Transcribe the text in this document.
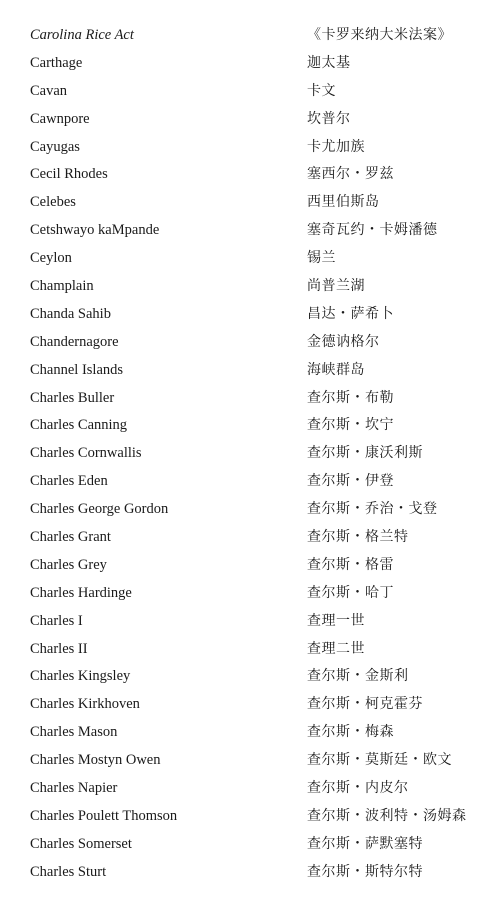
Carolina Rice Act	《卡罗来纳大米法案》
Carthage	迦太基
Cavan	卡文
Cawnpore	坎普尔
Cayugas	卡尤加族
Cecil Rhodes	塞西尔・罗兹
Celebes	西里伯斯岛
Cetshwayo kaMpande	塞奇瓦约・卡姆潘德
Ceylon	锡兰
Champlain	尚普兰湖
Chanda Sahib	昌达・萨希卜
Chandernagore	金德讷格尔
Channel Islands	海峡群岛
Charles Buller	查尔斯・布勒
Charles Canning	查尔斯・坎宁
Charles Cornwallis	查尔斯・康沃利斯
Charles Eden	查尔斯・伊登
Charles George Gordon	查尔斯・乔治・戈登
Charles Grant	查尔斯・格兰特
Charles Grey	查尔斯・格雷
Charles Hardinge	查尔斯・哈丁
Charles I	查理一世
Charles II	查理二世
Charles Kingsley	查尔斯・金斯利
Charles Kirkhoven	查尔斯・柯克霍芬
Charles Mason	查尔斯・梅森
Charles Mostyn Owen	查尔斯・莫斯廷・欧文
Charles Napier	查尔斯・内皮尔
Charles Poulett Thomson	查尔斯・波利特・汤姆森
Charles Somerset	查尔斯・萨默塞特
Charles Sturt	查尔斯・斯特尔特
